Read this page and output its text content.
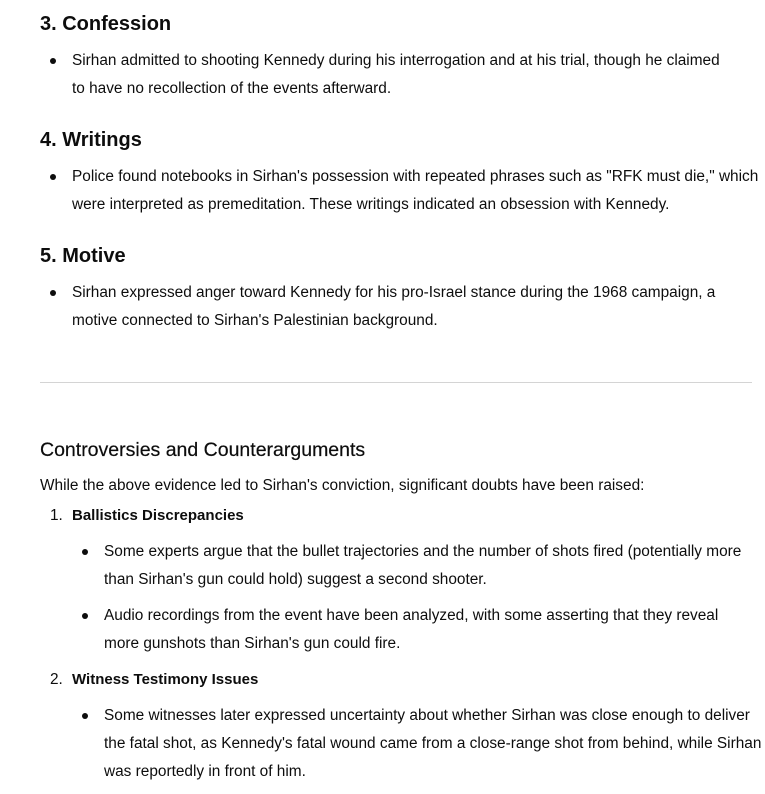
3. Confession
Sirhan admitted to shooting Kennedy during his interrogation and at his trial, though he claimed to have no recollection of the events afterward.
4. Writings
Police found notebooks in Sirhan's possession with repeated phrases such as "RFK must die," which were interpreted as premeditation. These writings indicated an obsession with Kennedy.
5. Motive
Sirhan expressed anger toward Kennedy for his pro-Israel stance during the 1968 campaign, a motive connected to Sirhan's Palestinian background.
Controversies and Counterarguments

While the above evidence led to Sirhan's conviction, significant doubts have been raised:

1. Ballistics Discrepancies
Some experts argue that the bullet trajectories and the number of shots fired (potentially more than Sirhan's gun could hold) suggest a second shooter.
Audio recordings from the event have been analyzed, with some asserting that they reveal more gunshots than Sirhan's gun could fire.
2. Witness Testimony Issues
Some witnesses later expressed uncertainty about whether Sirhan was close enough to deliver the fatal shot, as Kennedy's fatal wound came from a close-range shot from behind, while Sirhan was reportedly in front of him.
